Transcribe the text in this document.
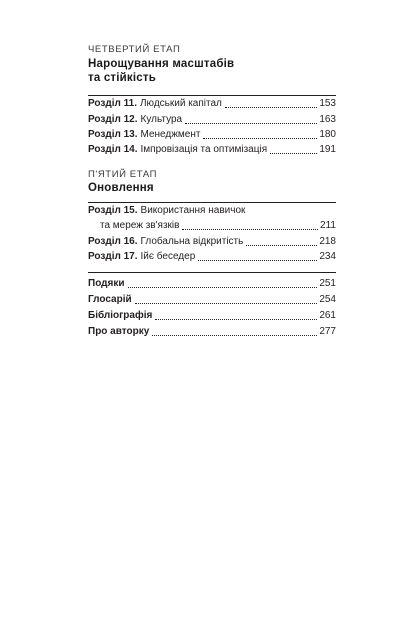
ЧЕТВЕРТИЙ ЕТАП
Нарощування масштабів
та стійкість
Розділ 11. Людський капітал	153
Розділ 12. Культура	163
Розділ 13. Менеджмент	180
Розділ 14. Імпровізація та оптимізація	191
П'ЯТИЙ ЕТАП
Оновлення
Розділ 15. Використання навичок
та мереж зв'язків	211
Розділ 16. Глобальна відкритість	218
Розділ 17. Ійє беседер	234
Подяки	251
Глосарій	254
Бібліографія	261
Про авторку	277
